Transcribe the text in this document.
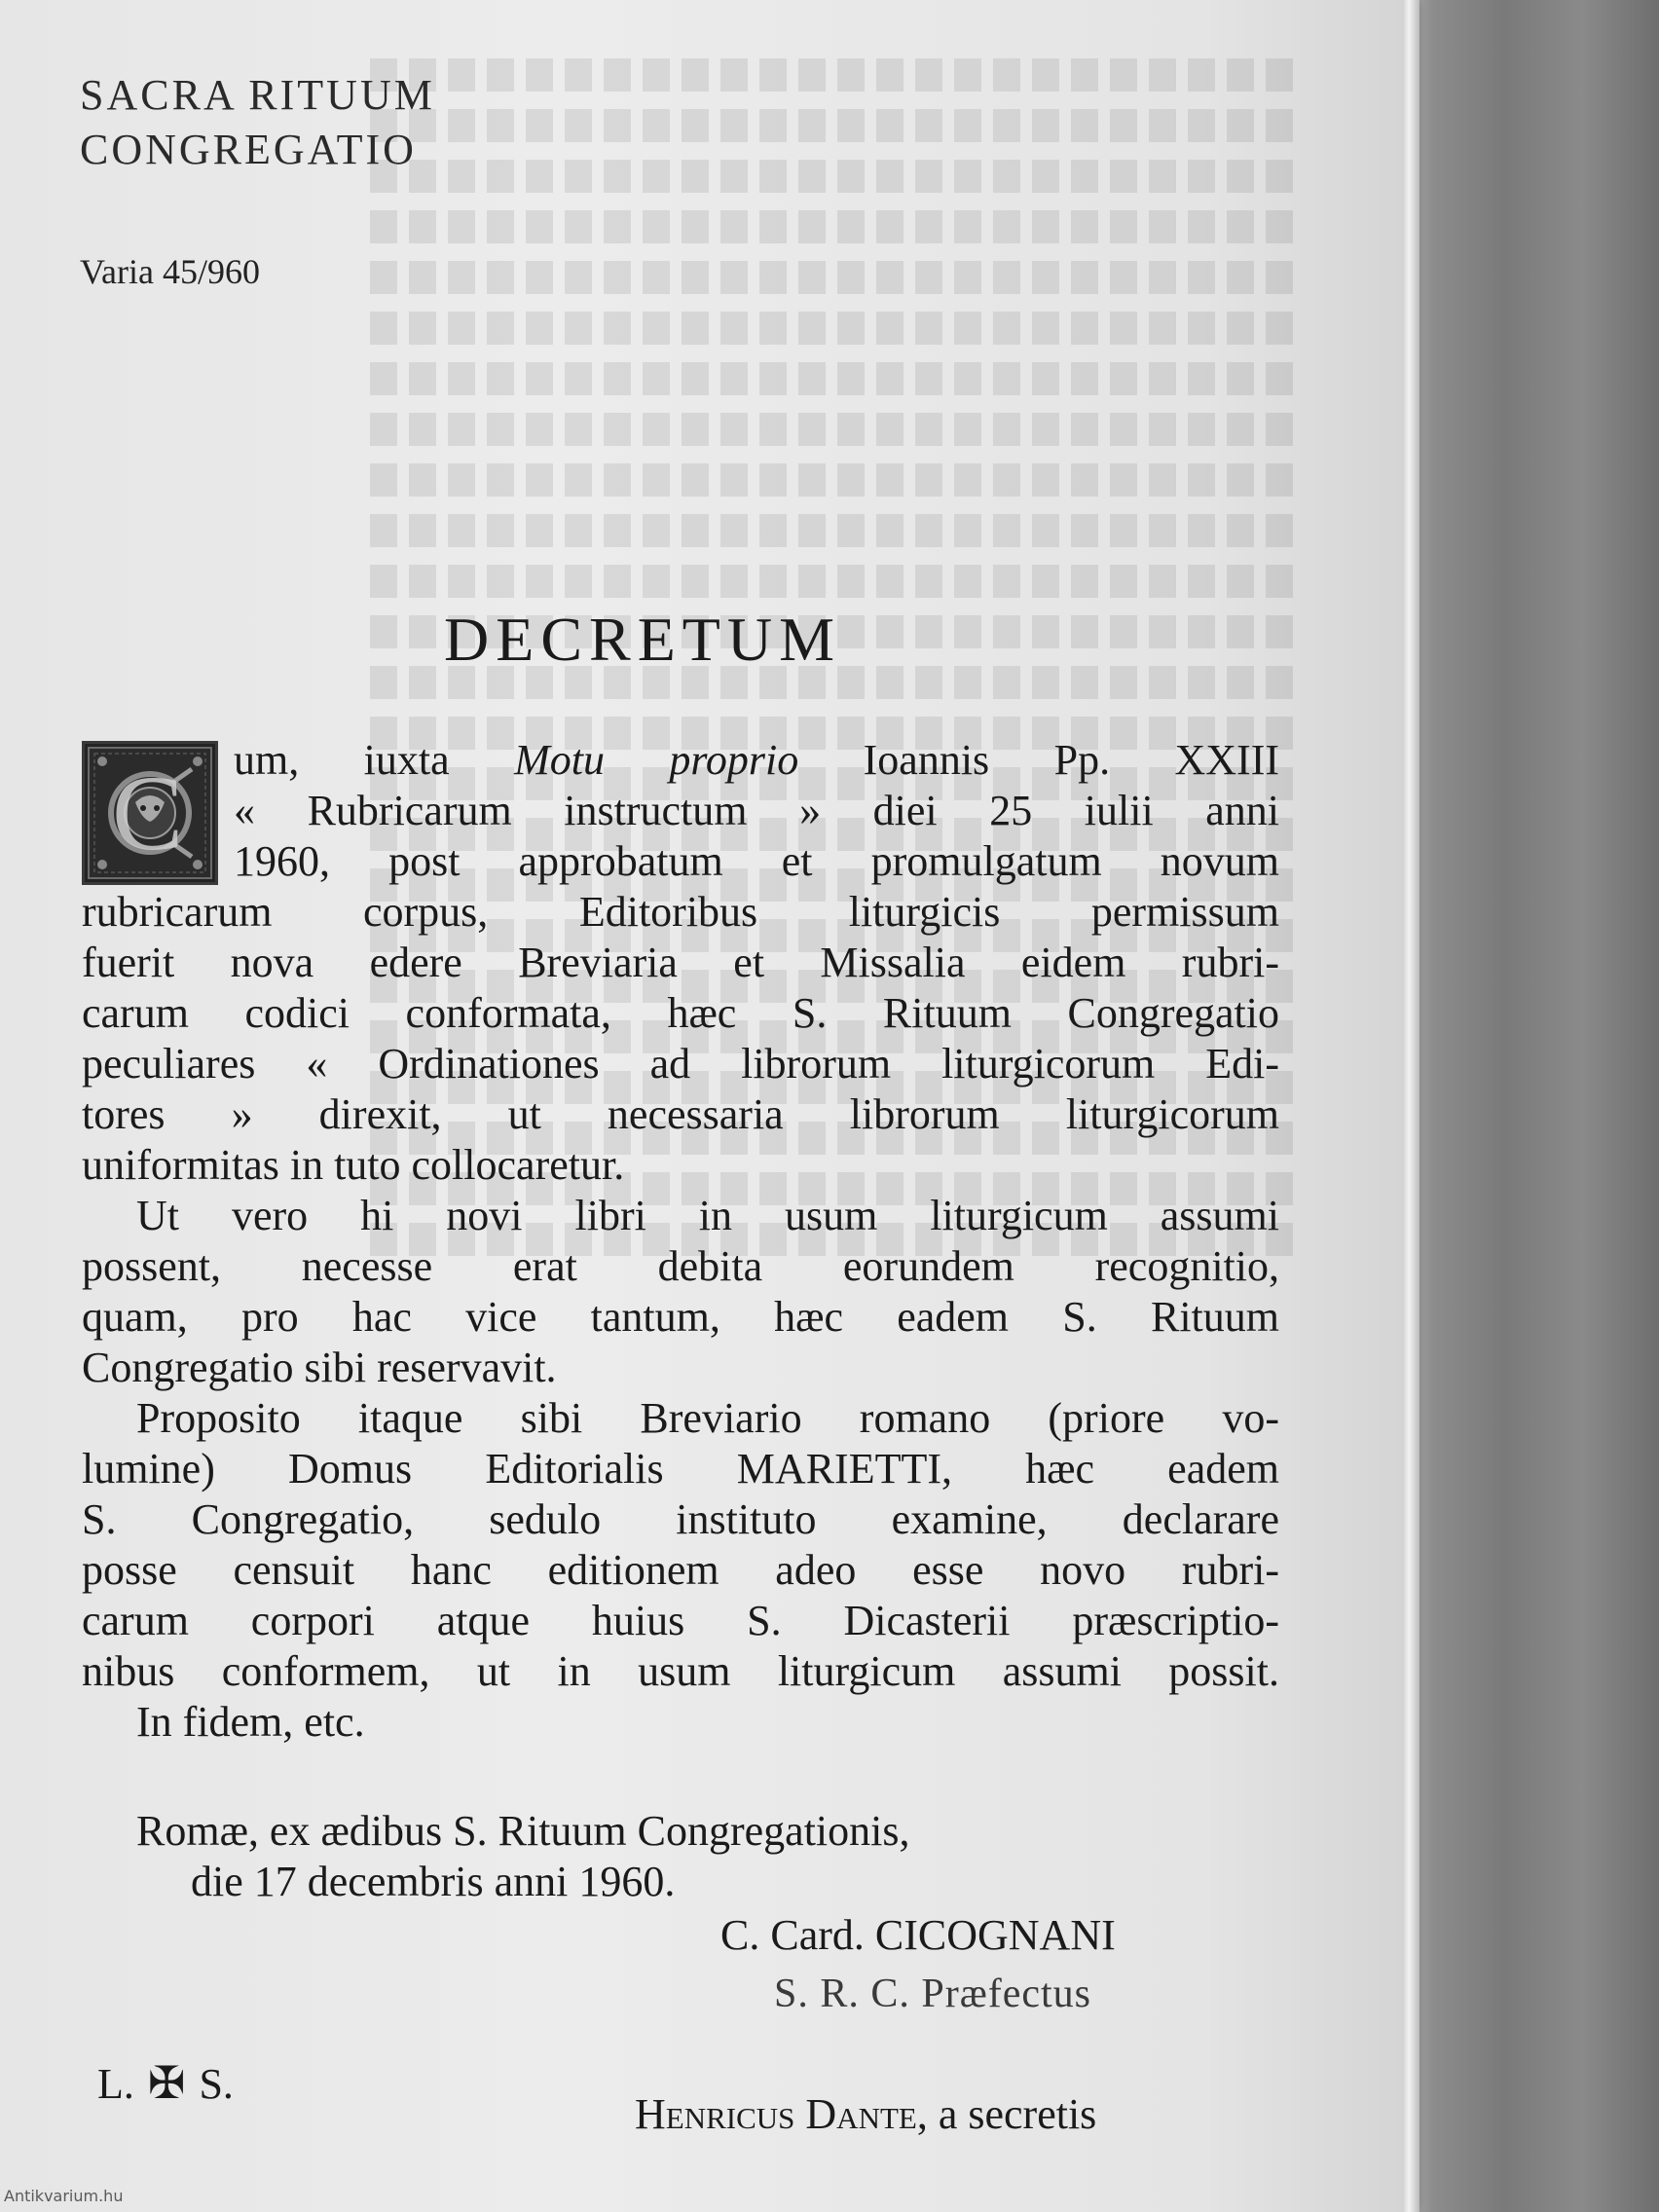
SACRA RITUUM
CONGREGATIO
Varia 45/960
DECRETUM
C	um, iuxta Motu proprio Ioannis Pp. XXIII

« Rubricarum instructum » diei 25 iulii anni

1960, post approbatum et promulgatum novum

rubricarum corpus, Editoribus liturgicis permissum

fuerit nova edere Breviaria et Missalia eidem rubri-

carum codici conformata, hæc S. Rituum Congregatio

peculiares « Ordinationes ad librorum liturgicorum Edi-

tores » direxit, ut necessaria librorum liturgicorum

uniformitas in tuto collocaretur.

Ut vero hi novi libri in usum liturgicum assumi

possent, necesse erat debita eorundem recognitio,

quam, pro hac vice tantum, hæc eadem S. Rituum

Congregatio sibi reservavit.

Proposito itaque sibi Breviario romano (priore vo-

lumine) Domus Editorialis MARIETTI, hæc eadem

S. Congregatio, sedulo instituto examine, declarare

posse censuit hanc editionem adeo esse novo rubri-

carum corpori atque huius S. Dicasterii præscriptio-

nibus conformem, ut in usum liturgicum assumi possit.

In fidem, etc.

Romæ, ex ædibus S. Rituum Congregationis,
die 17 decembris anni 1960.
C. Card. CICOGNANI
S. R. C. Præfectus
L. ✠ S.
Henricus Dante, a secretis
Antikvarium.hu
